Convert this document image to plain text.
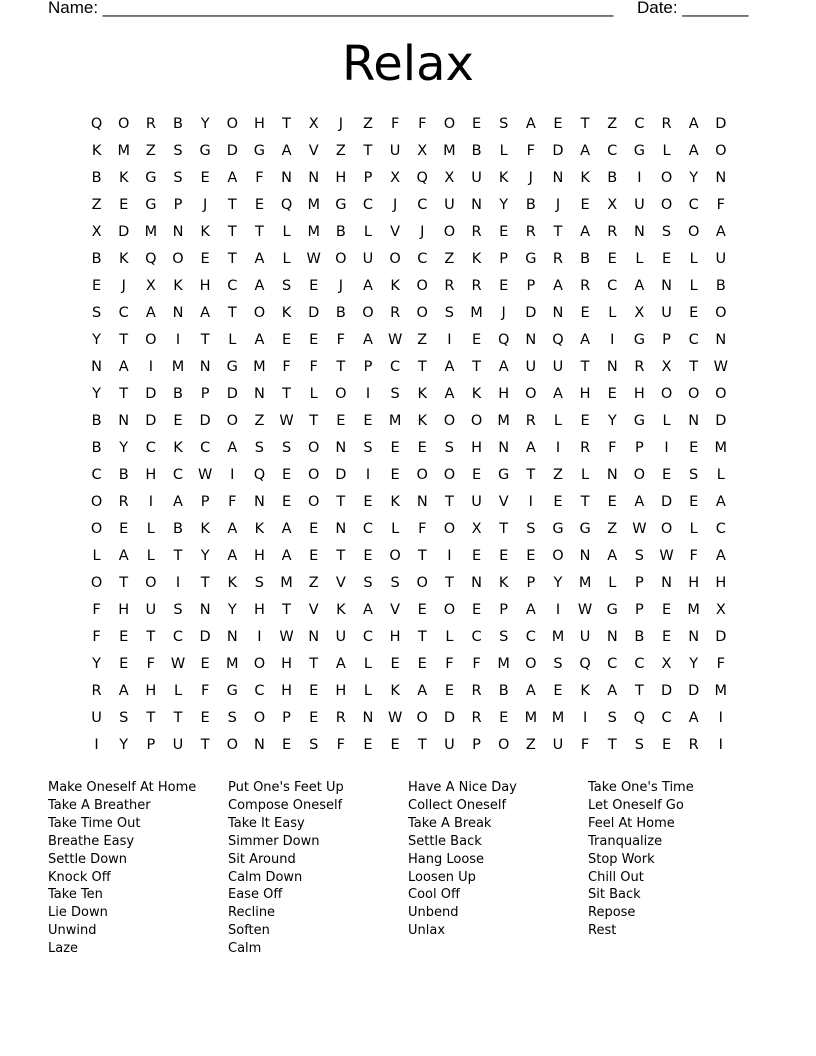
Name: ______________________________________________________     Date: _______
Relax
Q	O	R	B	Y	O	H	T	X	J	Z	F	F	O	E	S	A	E	T	Z	C	R	A	D
K	M	Z	S	G	D	G	A	V	Z	T	U	X	M	B	L	F	D	A	C	G	L	A	O
B	K	G	S	E	A	F	N	N	H	P	X	Q	X	U	K	J	N	K	B	I	O	Y	N
Z	E	G	P	J	T	E	Q	M	G	C	J	C	U	N	Y	B	J	E	X	U	O	C	F
X	D	M	N	K	T	T	L	M	B	L	V	J	O	R	E	R	T	A	R	N	S	O	A
B	K	Q	O	E	T	A	L	W O	U	O	C	Z	K	P	G	R	B	E	L	E	L	U
E	J	X	K	H	C	A	S	E	J	A	K	O	R	R	E	P	A	R	C	A	N	L	B
S	C	A	N	A	T	O	K	D	B	O	R	O	S	M	J	D	N	E	L	X	U	E	O
Y	T	O	I	T	L	A	E	E	F	A	W	Z	I	E	Q	N	Q	A	I	G	P	C	N
N	A	I	M	N	G	M	F	F	T	P	C	T	A	T	A	U	U	T	N	R	X	T	W
Y	T	D	B	P	D	N	T	L	O	I	S	K	A	K	H	O	A	H	E	H	O	O	O
B	N	D	E	D	O	Z	W	T	E	E	M	K	O	O	M	R	L	E	Y	G	L	N	D
B	Y	C	K	C	A	S	S	O	N	S	E	E	S	H	N	A	I	R	F	P	I	E	M
C	B	H	C	W	I	Q	E	O	D	I	E	O	O	E	G	T	Z	L	N	O	E	S	L
O	R	I	A	P	F	N	E	O	T	E	K	N	T	U	V	I	E	T	E	A	D	E	A
O	E	L	B	K	A	K	A	E	N	C	L	F	O	X	T	S	G	G	Z	W O	L	C
L	A	L	T	Y	A	H	A	E	T	E	O	T	I	E	E	E	O	N	A	S	W	F	A
O	T	O	I	T	K	S	M	Z	V	S	S	O	T	N	K	P	Y	M	L	P	N	H	H
F	H	U	S	N	Y	H	T	V	K	A	V	E	O	E	P	A	I	W G	P	E	M	X
F	E	T	C	D	N	I	W	N	U	C	H	T	L	C	S	C	M	U	N	B	E	N	D
Y	E	F	W	E	M	O	H	T	A	L	E	E	F	F	M	O	S	Q	C	C	X	Y	F
R	A	H	L	F	G	C	H	E	H	L	K	A	E	R	B	A	E	K	A	T	D	D	M
U	S	T	T	E	S	O	P	E	R	N	W O	D	R	E	M	M	I	S	Q	C	A	I
I	Y	P	U	T	O	N	E	S	F	E	E	T	U	P	O	Z	U	F	T	S	E	R	I
Make Oneself At Home
Take A Breather
Take Time Out
Breathe Easy
Settle Down
Knock Off
Take Ten
Lie Down
Unwind
Laze
Put One's Feet Up
Compose Oneself
Take It Easy
Simmer Down
Sit Around
Calm Down
Ease Off
Recline
Soften
Calm
Have A Nice Day
Collect Oneself
Take A Break
Settle Back
Hang Loose
Loosen Up
Cool Off
Unbend
Unlax
Take One's Time
Let Oneself Go
Feel At Home
Tranqualize
Stop Work
Chill Out
Sit Back
Repose
Rest
